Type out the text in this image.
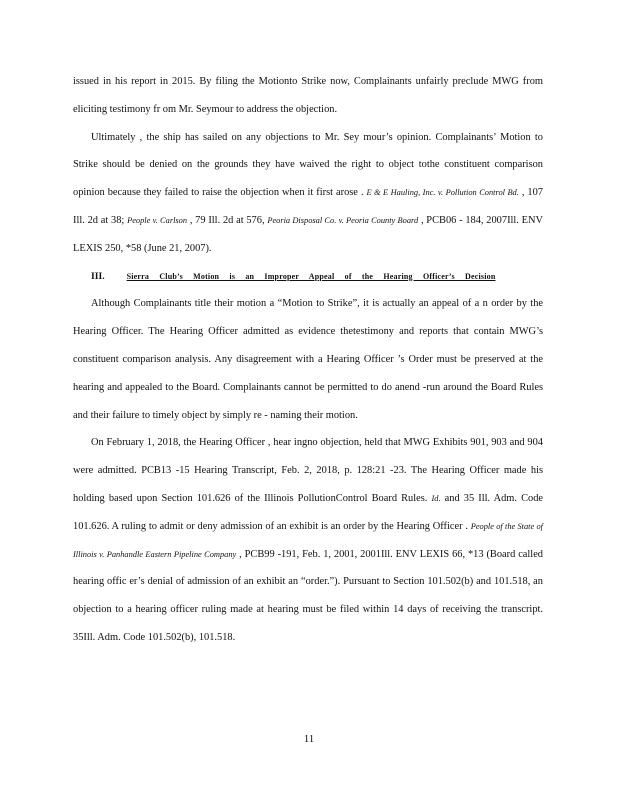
issued in his report in 2015. By filing the Motionto Strike now, Complainants unfairly preclude MWG from eliciting testimony fr om Mr. Seymour to address the objection.

Ultimately , the ship has sailed on any objections to Mr. Sey mour’s opinion. Complainants’ Motion to Strike should be denied on the grounds they have waived the right to object tothe constituent comparison opinion because they failed to raise the objection when it first arose . E & E Hauling, Inc. v. Pollution Control Bd. , 107 Ill. 2d at 38; People v. Carlson , 79 Ill. 2d at 576, Peoria Disposal Co. v. Peoria County Board , PCB06 - 184, 2007Ill. ENV LEXIS 250, *58 (June 21, 2007).

III.	Sierra Club’s Motion is an Improper Appeal of the Hearing Officer’s Decision

Although Complainants title their motion a “Motion to Strike”, it is actually an appeal of a n order by the Hearing Officer. The Hearing Officer admitted as evidence thetestimony and reports that contain MWG’s constituent comparison analysis. Any disagreement with a Hearing Officer ’s Order must be preserved at the hearing and appealed to the Board. Complainants cannot be permitted to do anend -run around the Board Rules and their failure to timely object by simply re - naming their motion.

On February 1, 2018, the Hearing Officer , hear ingno objection, held that MWG Exhibits 901, 903 and 904 were admitted. PCB13 -15 Hearing Transcript, Feb. 2, 2018, p. 128:21 -23. The Hearing Officer made his holding based upon Section 101.626 of the Illinois PollutionControl Board Rules. Id. and 35 Ill. Adm. Code 101.626. A ruling to admit or deny admission of an exhibit is an order by the Hearing Officer . People of the State of Illinois v. Panhandle Eastern Pipeline Company , PCB99 -191, Feb. 1, 2001, 2001Ill. ENV LEXIS 66, *13 (Board called hearing offic er’s denial of admission of an exhibit an “order.”). Pursuant to Section 101.502(b) and 101.518, an objection to a hearing officer ruling made at hearing must be filed within 14 days of receiving the transcript. 35Ill. Adm. Code 101.502(b), 101.518.

11
